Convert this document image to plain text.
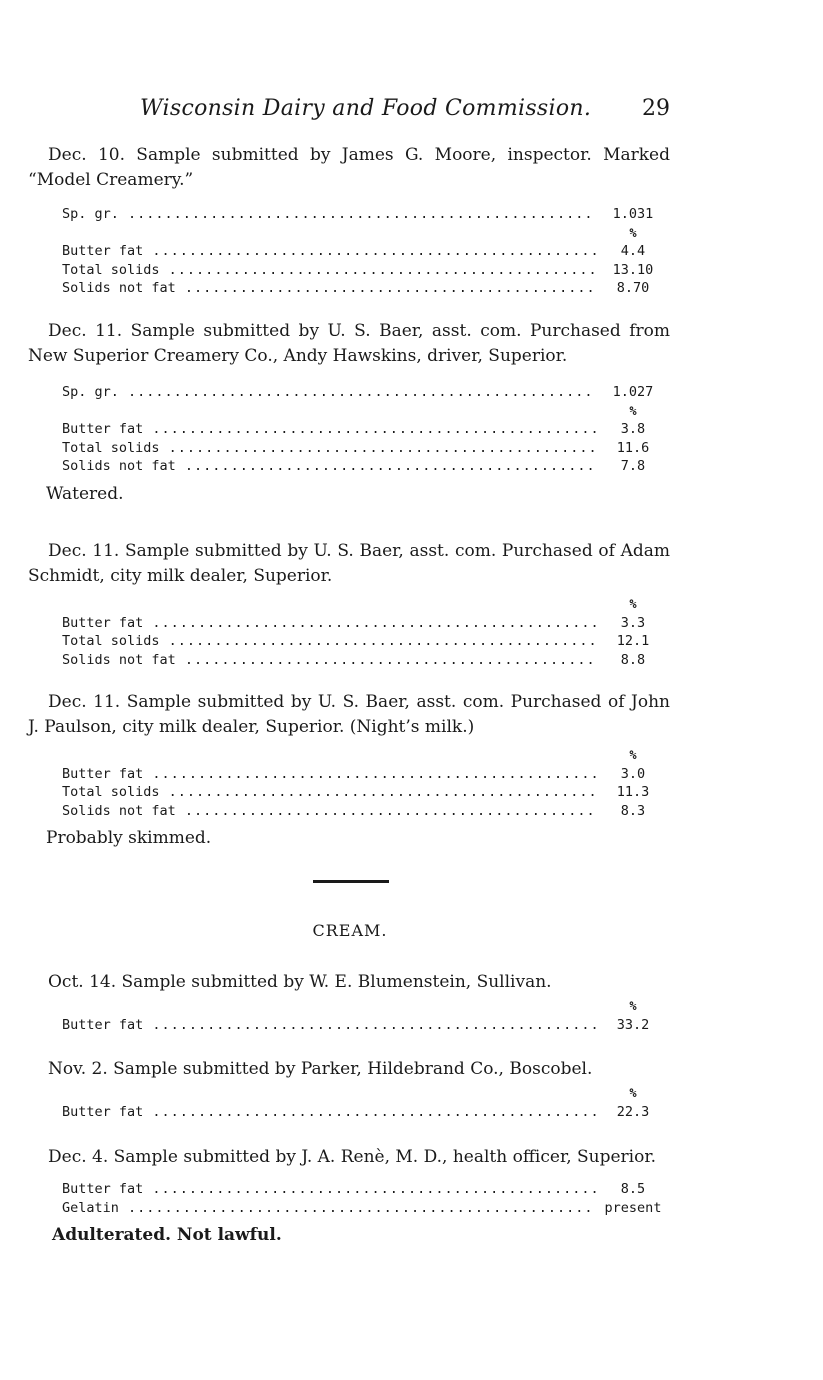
Wisconsin Dairy and Food Commission. 29

Dec. 10. Sample submitted by James G. Moore, inspector. Marked “Model Creamery.”

Sp. gr. .....	1.031
%
Butter fat .....	4.4
Total solids .....	13.10
Solids not fat .....	8.70

Dec. 11. Sample submitted by U. S. Baer, asst. com. Purchased from New Superior Creamery Co., Andy Hawskins, driver, Superior.

Sp. gr. .....	1.027
%
Butter fat .....	3.8
Total solids .....	11.6
Solids not fat .....	7.8

Watered.

Dec. 11. Sample submitted by U. S. Baer, asst. com. Purchased of Adam Schmidt, city milk dealer, Superior.

%
Butter fat .....	3.3
Total solids .....	12.1
Solids not fat .....	8.8

Dec. 11. Sample submitted by U. S. Baer, asst. com. Purchased of John J. Paulson, city milk dealer, Superior. (Night’s milk.)

%
Butter fat .....	3.0
Total solids .....	11.3
Solids not fat .....	8.3

Probably skimmed.

CREAM.

Oct. 14. Sample submitted by W. E. Blumenstein, Sullivan.

%
Butter fat .....	33.2

Nov. 2. Sample submitted by Parker, Hildebrand Co., Boscobel.

%
Butter fat .....	22.3

Dec. 4. Sample submitted by J. A. Renè, M. D., health officer, Superior.

Butter fat .....	8.5
Gelatin .....	present

Adulterated. Not lawful.
